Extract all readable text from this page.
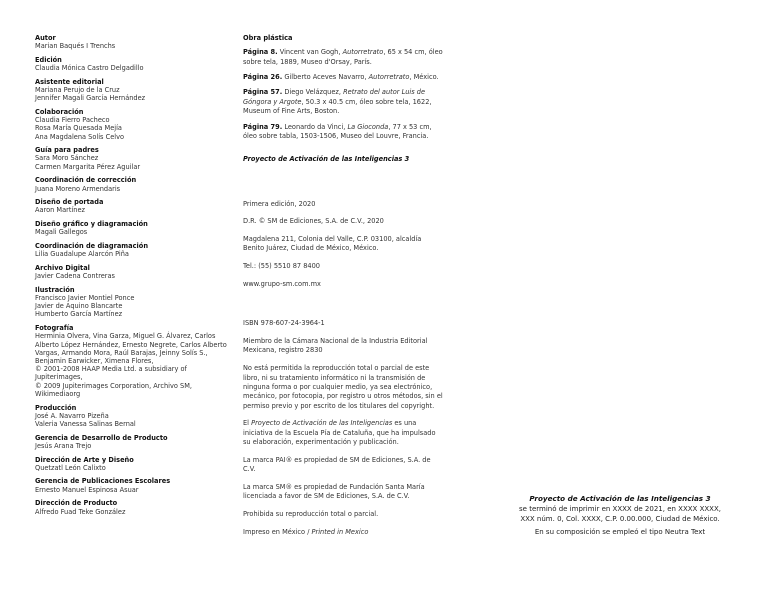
Autor
Marian Baqués I Trenchs
Edición
Claudia Mónica Castro Delgadillo
Asistente editorial
Mariana Perujo de la Cruz
Jennifer Magali García Hernández
Colaboración
Claudia Fierro Pacheco
Rosa María Quesada Mejía
Ana Magdalena Solís Celvo
Guía para padres
Sara Moro Sánchez
Carmen Margarita Pérez Aguilar
Coordinación de corrección
Juana Moreno Armendaris
Diseño de portada
Aaron Martínez
Diseño gráfico y diagramación
Magali Gallegos
Coordinación de diagramación
Lilia Guadalupe Alarcón Piña
Archivo Digital
Javier Cadena Contreras
Ilustración
Francisco Javier Montiel Ponce
Javier de Aquino Blancarte
Humberto García Martínez
Fotografía
Herminia Olvera, Vina Garza, Miguel G. Álvarez, Carlos
Alberto López Hernández, Ernesto Negrete, Carlos Alberto
Vargas, Armando Mora, Raúl Barajas, Jeinny Solís S.,
Benjamin Earwicker, Ximena Flores,
© 2001-2008 HAAP Media Ltd. a subsidiary of
Jupiterimages,
© 2009 Jupiterimages Corporation, Archivo SM, Wikimediaorg
Producción
José A. Navarro Pizeña
Valeria Vanessa Salinas Bernal
Gerencia de Desarrollo de Producto
Jesús Arana Trejo
Dirección de Arte y Diseño
Quetzatl León Calixto
Gerencia de Publicaciones Escolares
Ernesto Manuel Espinosa Asuar
Dirección de Producto
Alfredo Fuad Teke González
Obra plástica
Página 8. Vincent van Gogh, Autorretrato, 65 x 54 cm, óleo sobre tela, 1889, Museo d'Orsay, París.
Página 26. Gilberto Aceves Navarro, Autorretrato, México.
Página 57. Diego Velázquez, Retrato del autor Luis de Góngora y Argote, 50.3 x 40.5 cm, óleo sobre tela, 1622, Museum of Fine Arts, Boston.
Página 79. Leonardo da Vinci, La Gioconda, 77 x 53 cm, óleo sobre tabla, 1503-1506, Museo del Louvre, Francia.
Proyecto de Activación de las Inteligencias 3
Primera edición, 2020
D.R. © SM de Ediciones, S.A. de C.V., 2020
Magdalena 211, Colonia del Valle, C.P. 03100, alcaldía Benito Juárez, Ciudad de México, México.
Tel.: (55) 5510 87 8400
www.grupo-sm.com.mx
ISBN 978-607-24-3964-1
Miembro de la Cámara Nacional de la Industria Editorial Mexicana, registro 2830
No está permitida la reproducción total o parcial de este libro, ni su tratamiento informático ni la transmisión de ninguna forma o por cualquier medio, ya sea electrónico, mecánico, por fotocopia, por registro u otros métodos, sin el permiso previo y por escrito de los titulares del copyright.
El Proyecto de Activación de las Inteligencias es una iniciativa de la Escuela Pía de Cataluña, que ha impulsado su elaboración, experimentación y publicación.
La marca PAI® es propiedad de SM de Ediciones, S.A. de C.V.
La marca SM® es propiedad de Fundación Santa María licenciada a favor de SM de Ediciones, S.A. de C.V.
Prohibida su reproducción total o parcial.
Impreso en México / Printed in Mexico
Proyecto de Activación de las Inteligencias 3
se terminó de imprimir en XXXX de 2021, en XXXX XXXX,
XXX núm. 0, Col. XXXX, C.P. 0.00.000, Ciudad de México.
En su composición se empleó el tipo Neutra Text
